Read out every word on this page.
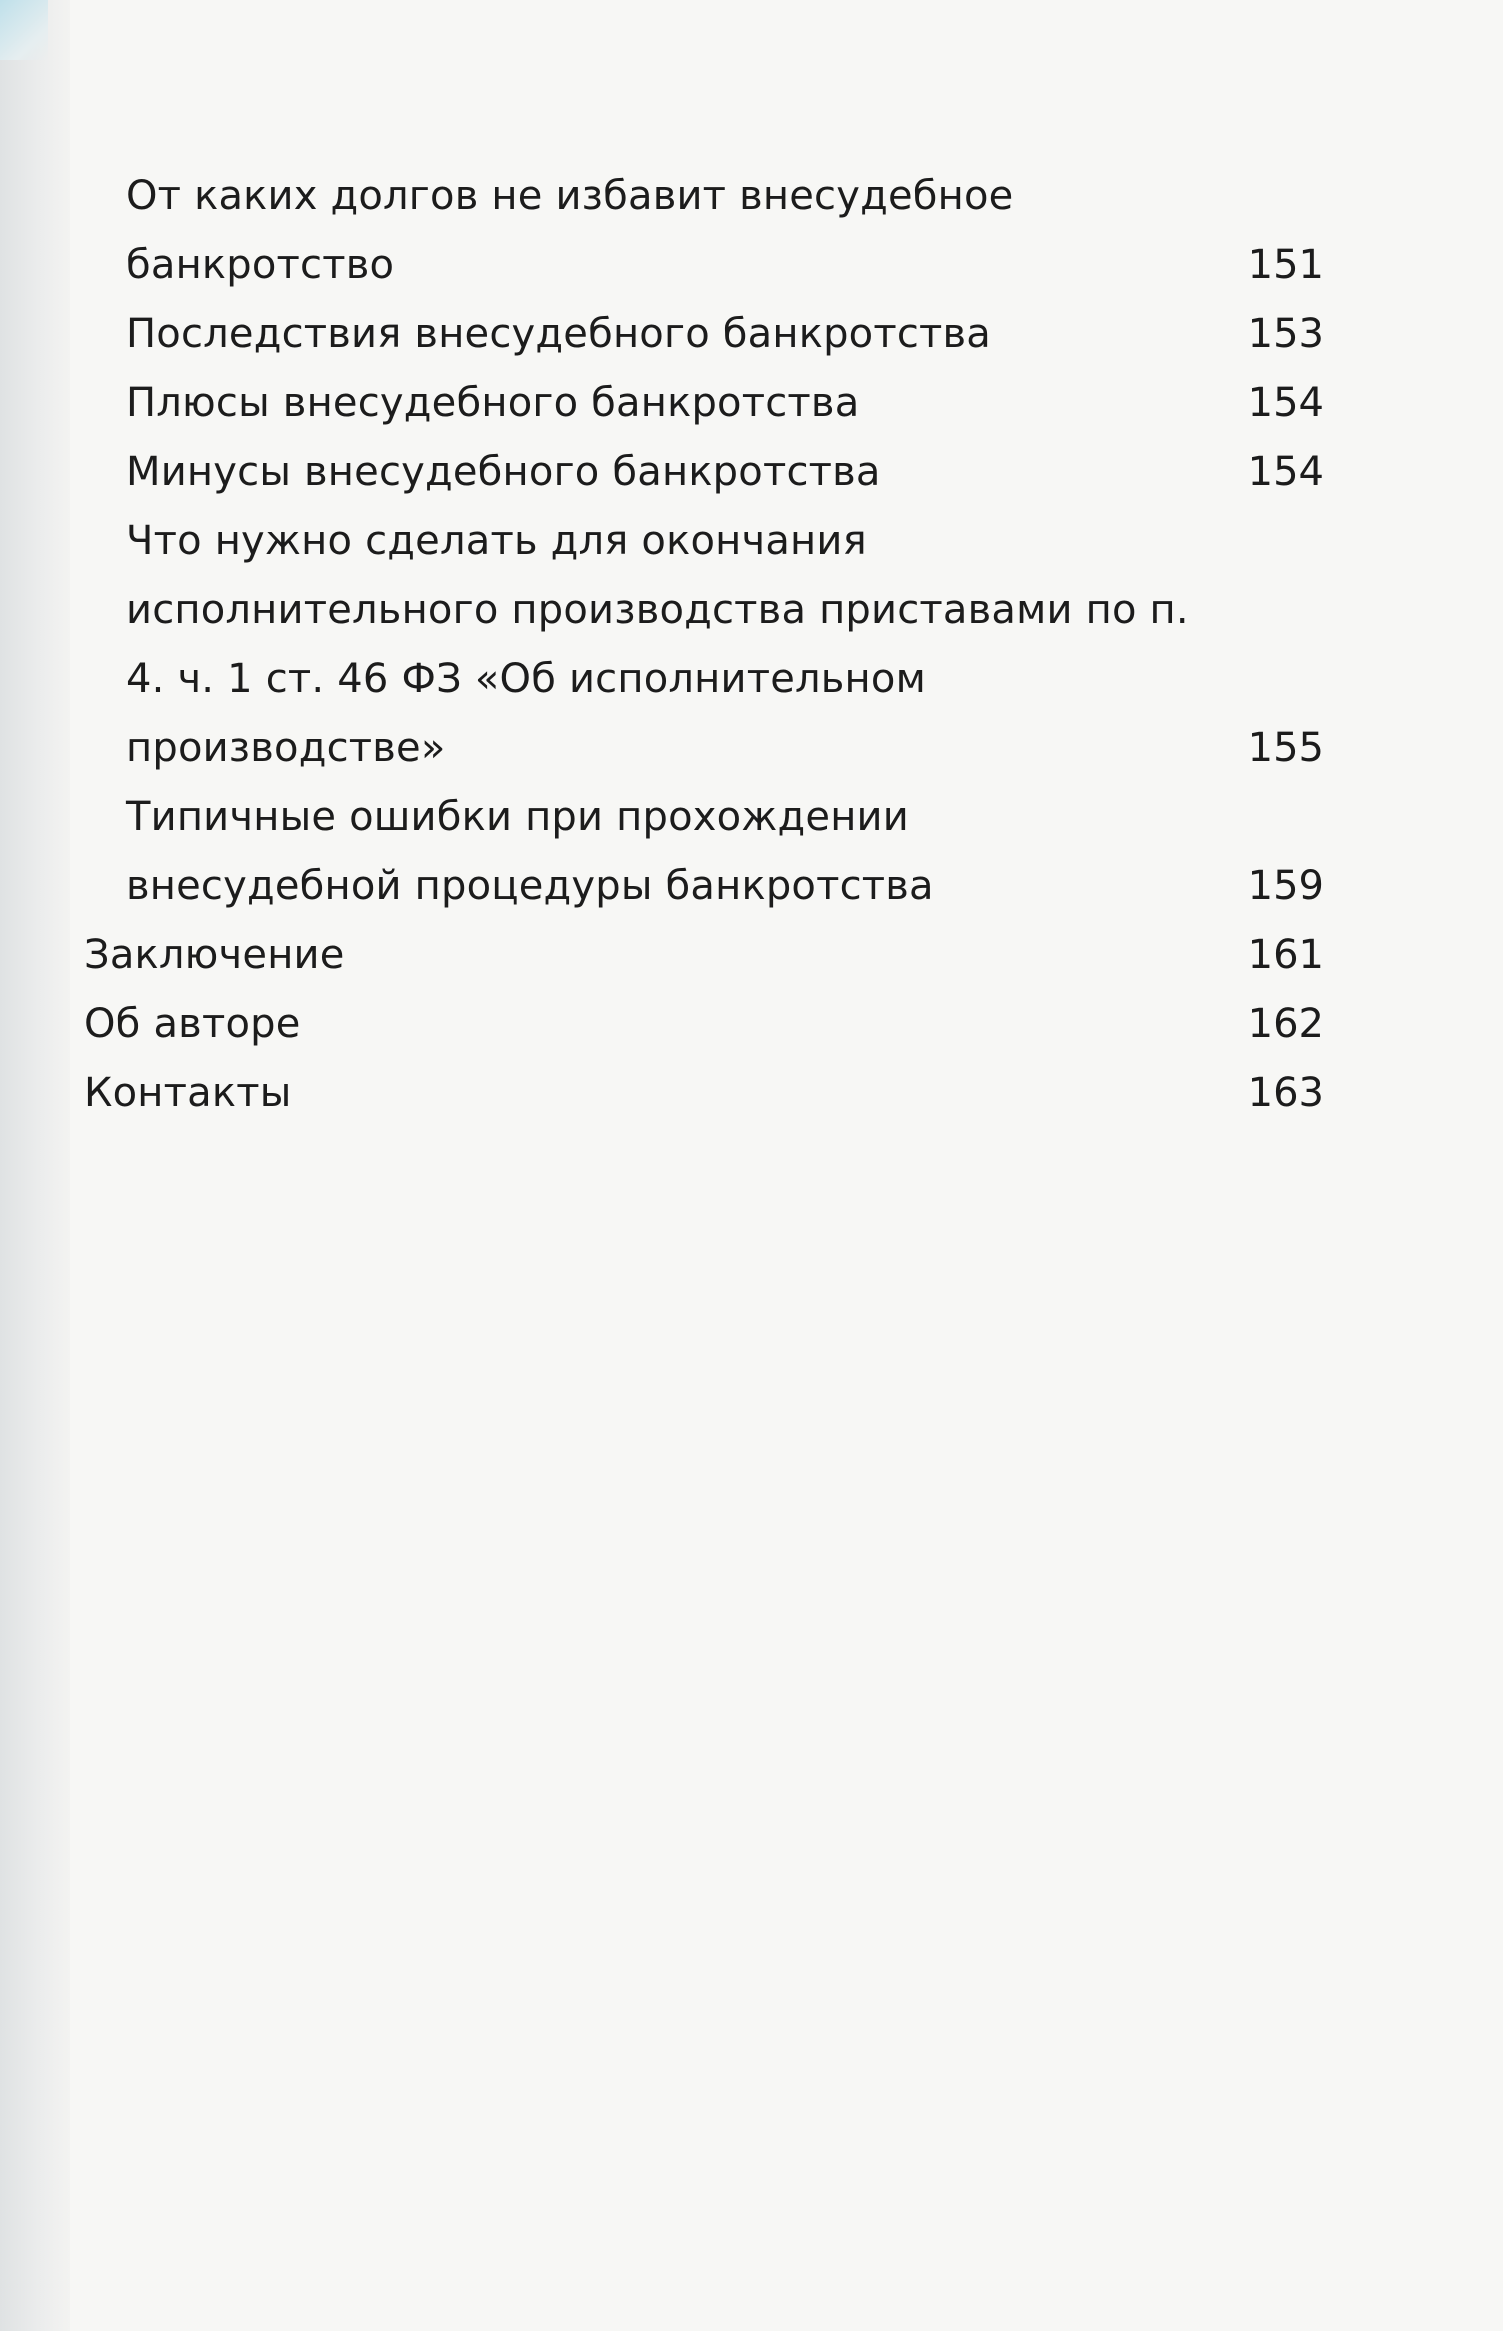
От каких долгов не избавит внесудебное
банкротство	151
Последствия внесудебного банкротства	153
Плюсы внесудебного банкротства	154
Минусы внесудебного банкротства	154
Что нужно сделать для окончания
исполнительного производства приставами по п.
4. ч. 1 ст. 46 ФЗ «Об исполнительном
производстве»	155
Типичные ошибки при прохождении
внесудебной процедуры банкротства	159
Заключение	161
Об авторе	162
Контакты	163
